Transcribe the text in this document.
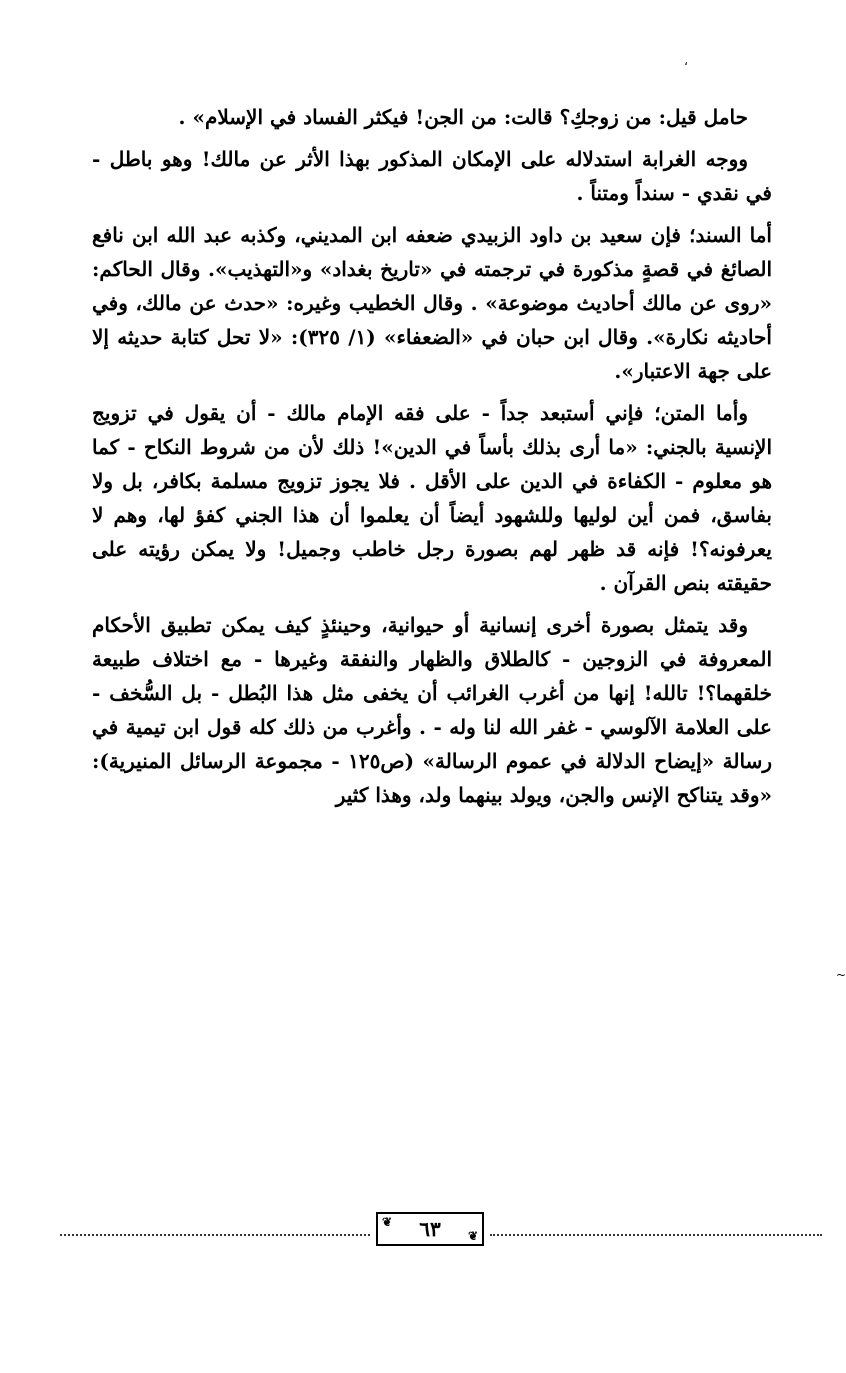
،

حامل قيل: من زوجكِ؟ قالت: من الجن! فيكثر الفساد في الإسلام» .

ووجه الغرابة استدلاله على الإمكان المذكور بهذا الأثر عن مالك! وهو باطل - في نقدي - سنداً ومتناً .

أما السند؛ فإن سعيد بن داود الزبيدي ضعفه ابن المديني، وكذبه عبد الله ابن نافع الصائغ في قصةٍ مذكورة في ترجمته في «تاريخ بغداد» و«التهذيب». وقال الحاكم: «روى عن مالك أحاديث موضوعة» . وقال الخطيب وغيره: «حدث عن مالك، وفي أحاديثه نكارة». وقال ابن حبان في «الضعفاء» (١/ ٣٢٥): «لا تحل كتابة حديثه إلا على جهة الاعتبار».

وأما المتن؛ فإني أستبعد جداً - على فقه الإمام مالك - أن يقول في تزويج الإنسية بالجني: «ما أرى بذلك بأساً في الدين»! ذلك لأن من شروط النكاح - كما هو معلوم - الكفاءة في الدين على الأقل . فلا يجوز تزويج مسلمة بكافر، بل ولا بفاسق، فمن أين لوليها وللشهود أيضاً أن يعلموا أن هذا الجني كفؤ لها، وهم لا يعرفونه؟! فإنه قد ظهر لهم بصورة رجل خاطب وجميل! ولا يمكن رؤيته على حقيقته بنص القرآن .

وقد يتمثل بصورة أخرى إنسانية أو حيوانية، وحينئذٍ كيف يمكن تطبيق الأحكام المعروفة في الزوجين - كالطلاق والظهار والنفقة وغيرها - مع اختلاف طبيعة خلقهما؟! تالله! إنها من أغرب الغرائب أن يخفى مثل هذا البُطل - بل السُّخف - على العلامة الآلوسي - غفر الله لنا وله - . وأغرب من ذلك كله قول ابن تيمية في رسالة «إيضاح الدلالة في عموم الرسالة» (ص١٢٥ - مجموعة الرسائل المنيرية): «وقد يتناكح الإنس والجن، ويولد بينهما ولد، وهذا كثير

~
❦ ٦٣ ❦
